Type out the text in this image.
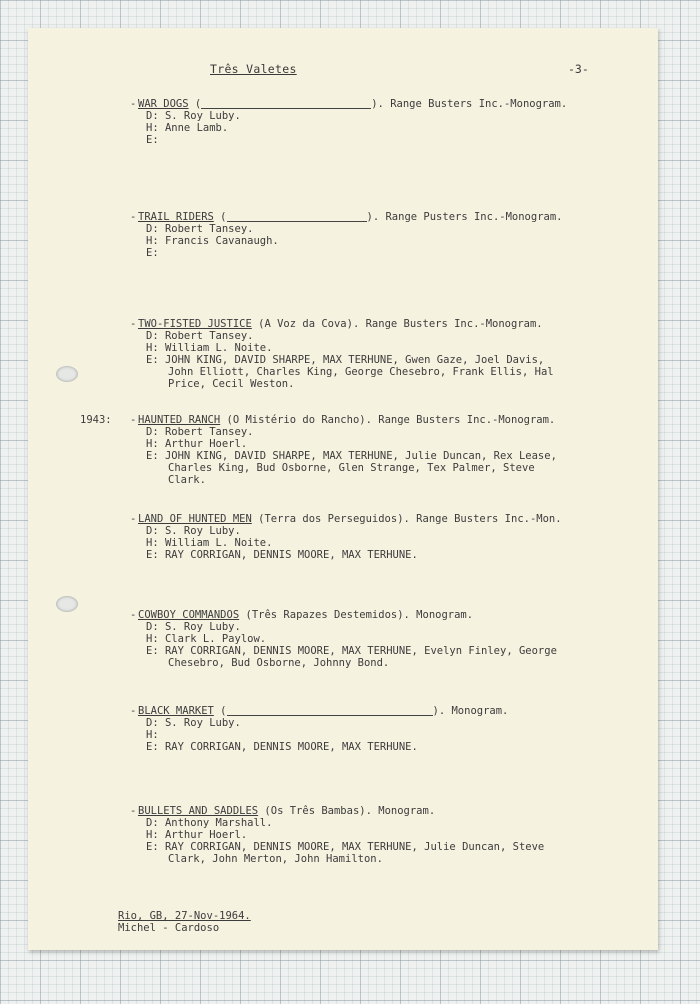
Três Valetes	-3-
- WAR DOGS (	). Range Busters Inc.-Monogram.
D: S. Roy Luby.
H: Anne Lamb.
E:
- TRAIL RIDERS (	). Range Pusters Inc.-Monogram.
D: Robert Tansey.
H: Francis Cavanaugh.
E:
- TWO-FISTED JUSTICE (A Voz da Cova). Range Busters Inc.-Monogram.
D: Robert Tansey.
H: William L. Noite.
E: JOHN KING, DAVID SHARPE, MAX TERHUNE, Gwen Gaze, Joel Davis,
John Elliott, Charles King, George Chesebro, Frank Ellis, Hal
Price, Cecil Weston.
1943: - HAUNTED RANCH (O Mistério do Rancho). Range Busters Inc.-Monogram.
D: Robert Tansey.
H: Arthur Hoerl.
E: JOHN KING, DAVID SHARPE, MAX TERHUNE, Julie Duncan, Rex Lease,
Charles King, Bud Osborne, Glen Strange, Tex Palmer, Steve
Clark.
- LAND OF HUNTED MEN (Terra dos Perseguidos). Range Busters Inc.-Mon.
D: S. Roy Luby.
H: William L. Noite.
E: RAY CORRIGAN, DENNIS MOORE, MAX TERHUNE.
- COWBOY COMMANDOS (Três Rapazes Destemidos). Monogram.
D: S. Roy Luby.
H: Clark L. Paylow.
E: RAY CORRIGAN, DENNIS MOORE, MAX TERHUNE, Evelyn Finley, George
Chesebro, Bud Osborne, Johnny Bond.
- BLACK MARKET (	). Monogram.
D: S. Roy Luby.
H:
E: RAY CORRIGAN, DENNIS MOORE, MAX TERHUNE.
- BULLETS AND SADDLES (Os Três Bambas). Monogram.
D: Anthony Marshall.
H: Arthur Hoerl.
E: RAY CORRIGAN, DENNIS MOORE, MAX TERHUNE, Julie Duncan, Steve
Clark, John Merton, John Hamilton.
Rio, GB, 27-Nov-1964.
Michel - Cardoso
